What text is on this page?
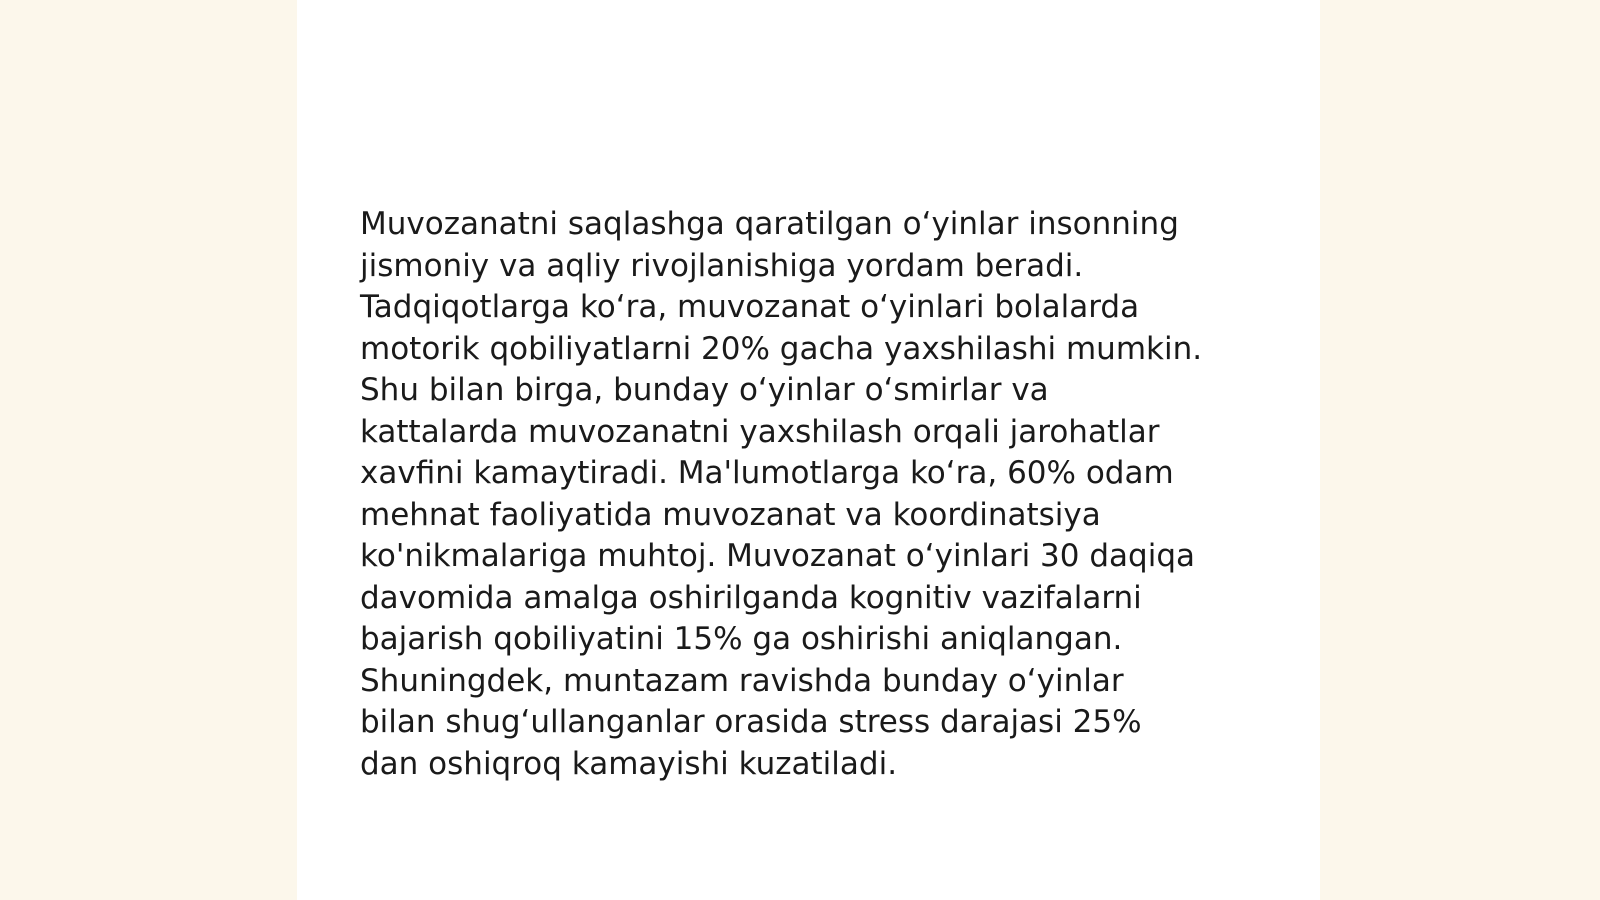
Muvozanatni saqlashga qaratilgan oʻyinlar insonning
jismoniy va aqliy rivojlanishiga yordam beradi.
Tadqiqotlarga koʻra, muvozanat oʻyinlari bolalarda
motorik qobiliyatlarni 20% gacha yaxshilashi mumkin.
Shu bilan birga, bunday oʻyinlar oʻsmirlar va
kattalarda muvozanatni yaxshilash orqali jarohatlar
xavfini kamaytiradi. Ma'lumotlarga koʻra, 60% odam
mehnat faoliyatida muvozanat va koordinatsiya
ko'nikmalariga muhtoj. Muvozanat oʻyinlari 30 daqiqa
davomida amalga oshirilganda kognitiv vazifalarni
bajarish qobiliyatini 15% ga oshirishi aniqlangan.
Shuningdek, muntazam ravishda bunday oʻyinlar
bilan shugʻullanganlar orasida stress darajasi 25%
dan oshiqroq kamayishi kuzatiladi.
